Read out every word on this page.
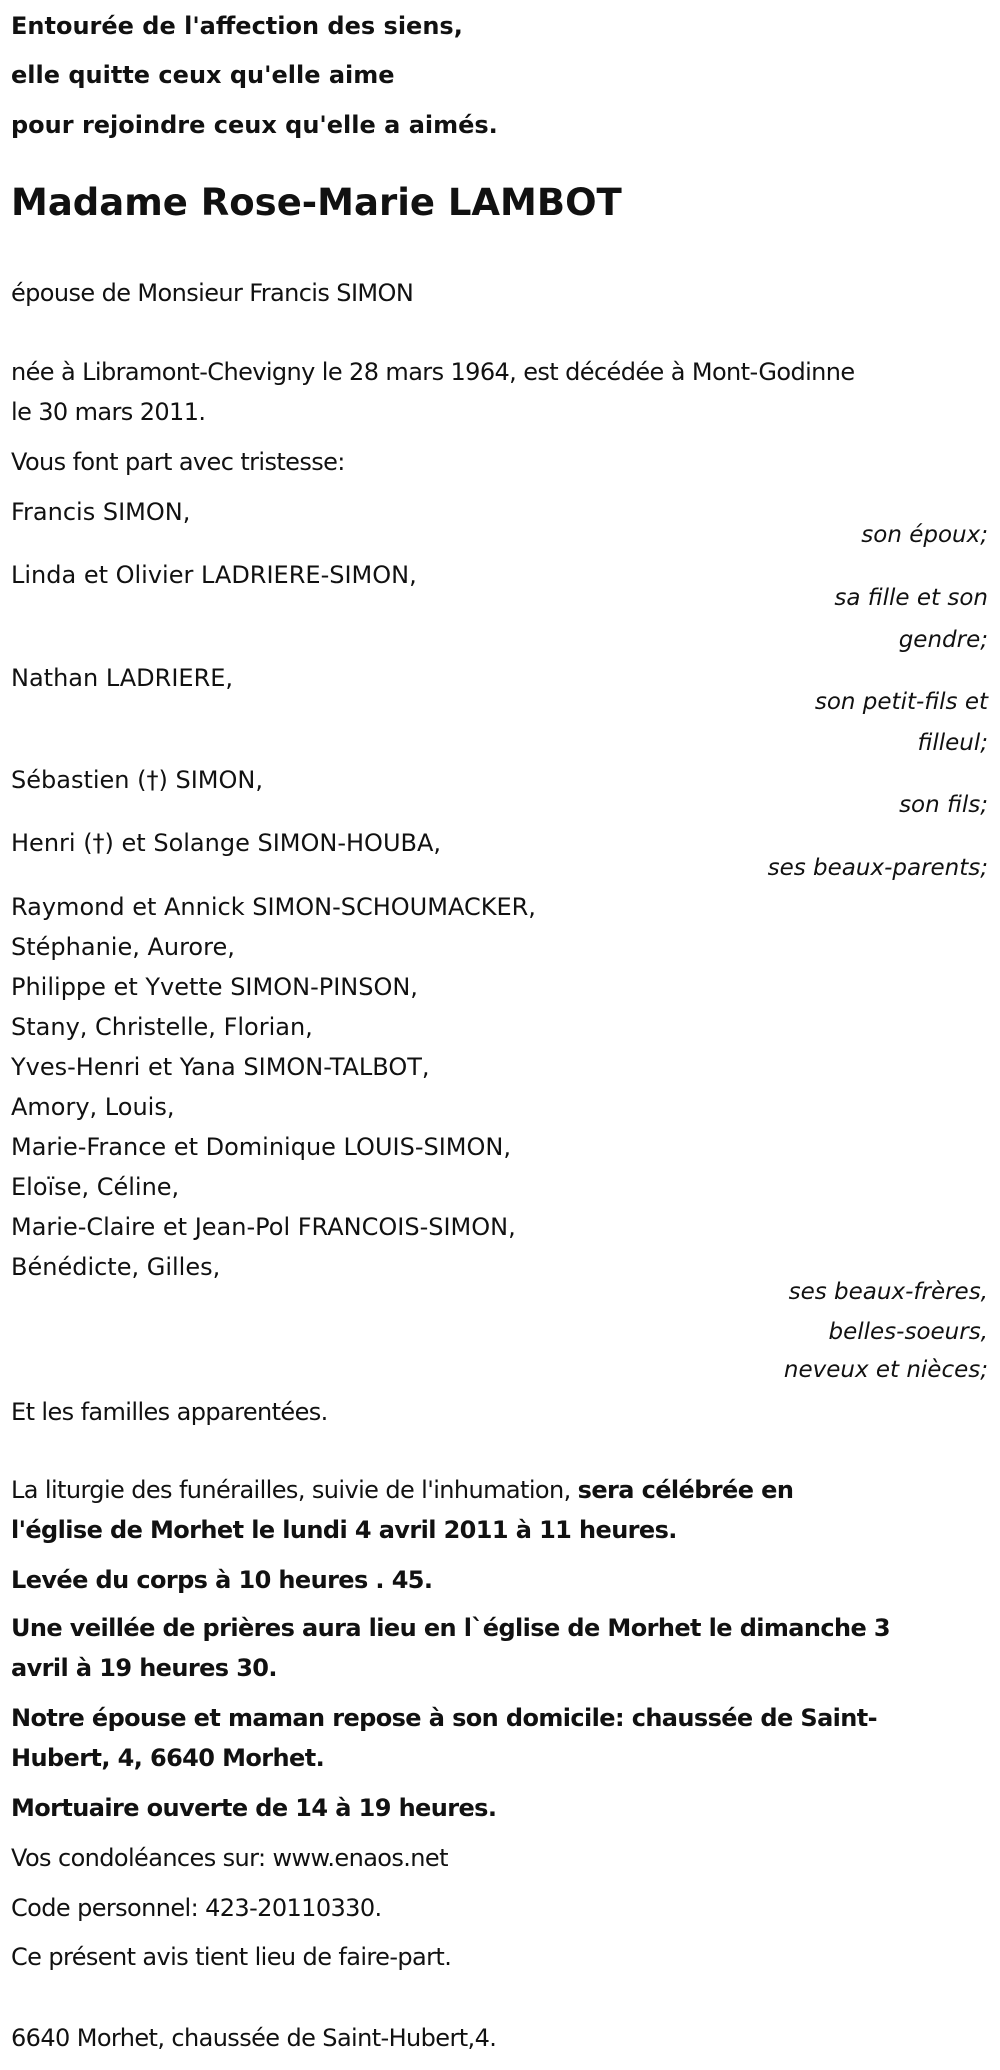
Entourée de l'affection des siens,
elle quitte ceux qu'elle aime
pour rejoindre ceux qu'elle a aimés.
Madame Rose-Marie LAMBOT
épouse de Monsieur Francis SIMON
née à Libramont-Chevigny le 28 mars 1964, est décédée à Mont-Godinne
le 30 mars 2011.
Vous font part avec tristesse:
Francis SIMON,
son époux;
Linda et Olivier LADRIERE-SIMON,
sa fille et son
gendre;
Nathan LADRIERE,
son petit-fils et
filleul;
Sébastien (†) SIMON,
son fils;
Henri (†) et Solange SIMON-HOUBA,
ses beaux-parents;
Raymond et Annick SIMON-SCHOUMACKER,
Stéphanie, Aurore,
Philippe et Yvette SIMON-PINSON,
Stany, Christelle, Florian,
Yves-Henri et Yana SIMON-TALBOT,
Amory, Louis,
Marie-France et Dominique LOUIS-SIMON,
Eloïse, Céline,
Marie-Claire et Jean-Pol FRANCOIS-SIMON,
Bénédicte, Gilles,
ses beaux-frères,
belles-soeurs,
neveux et nièces;
Et les familles apparentées.
La liturgie des funérailles, suivie de l'inhumation, sera célébrée en
l'église de Morhet le lundi 4 avril 2011 à 11 heures.
Levée du corps à 10 heures . 45.
Une veillée de prières aura lieu en l`église de Morhet le dimanche 3
avril à 19 heures 30.
Notre épouse et maman repose à son domicile: chaussée de Saint-
Hubert, 4, 6640 Morhet.
Mortuaire ouverte de 14 à 19 heures.
Vos condoléances sur: www.enaos.net
Code personnel: 423-20110330.
Ce présent avis tient lieu de faire-part.
6640 Morhet, chaussée de Saint-Hubert,4.
